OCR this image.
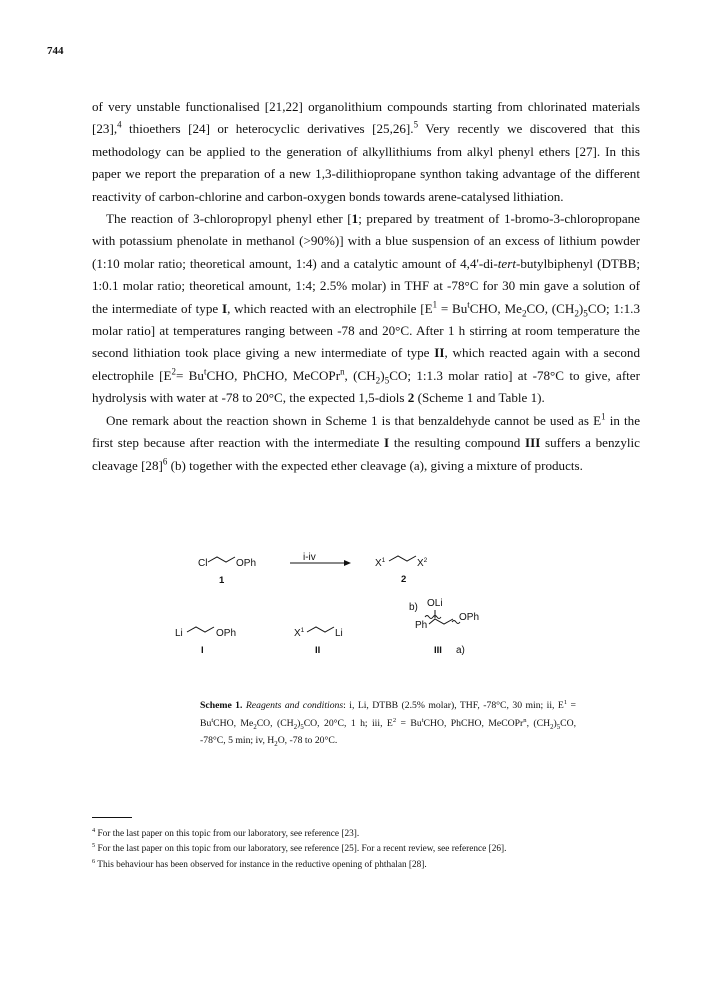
744

of very unstable functionalised [21,22] organolithium compounds starting from chlorinated materials [23],$^4$ thioethers [24] or heterocyclic derivatives [25,26].$^5$ Very recently we discovered that this methodology can be applied to the generation of alkyllithiums from alkyl phenyl ethers [27]. In this paper we report the preparation of a new 1,3-dilithiopropane synthon taking advantage of the different reactivity of carbon-chlorine and carbon-oxygen bonds towards arene-catalysed lithiation.

The reaction of 3-chloropropyl phenyl ether [1; prepared by treatment of 1-bromo-3-chloropropane with potassium phenolate in methanol (>90%)] with a blue suspension of an excess of lithium powder (1:10 molar ratio; theoretical amount, 1:4) and a catalytic amount of 4,4'-di-tert-butylbiphenyl (DTBB; 1:0.1 molar ratio; theoretical amount, 1:4; 2.5% molar) in THF at -78°C for 30 min gave a solution of the intermediate of type I, which reacted with an electrophile [$E^1 = Bu^tCHO$, $Me_2CO$, $(CH_2)_5CO$; 1:1.3 molar ratio] at temperatures ranging between -78 and 20°C. After 1 h stirring at room temperature the second lithiation took place giving a new intermediate of type II, which reacted again with a second electrophile [$E^2= Bu^tCHO$, PhCHO, MeCOPr$^n$, $(CH_2)_5CO$; 1:1.3 molar ratio] at -78°C to give, after hydrolysis with water at -78 to 20°C, the expected 1,5-diols 2 (Scheme 1 and Table 1).

One remark about the reaction shown in Scheme 1 is that benzaldehyde cannot be used as $E^1$ in the first step because after reaction with the intermediate I the resulting compound III suffers a benzylic cleavage $[28]^6$ (b) together with the expected ether cleavage (a), giving a mixture of products.

Cl	OPh
1
i-iv
$X^1$	$X^2$
2
Li	OPh
I
$X^1$	Li
II
b) OLi
Ph
OPh
III a)
Scheme 1. Reagents and conditions: i, Li, DTBB (2.5% molar), THF, -78°C, 30 min; ii, $E^1 = Bu^tCHO$, $Me_2CO$, $(CH_2)_5CO$, 20°C, 1 h; iii, $E^2 = Bu^tCHO$, PhCHO, MeCOPr$^n$, $(CH_2)_5CO$, -78°C, 5 min; iv, $H_2O$, -78 to 20°C.
$^4$ For the last paper on this topic from our laboratory, see reference [23].
$^5$ For the last paper on this topic from our laboratory, see reference [25]. For a recent review, see reference [26].
$^6$ This behaviour has been observed for instance in the reductive opening of phthalan [28].
